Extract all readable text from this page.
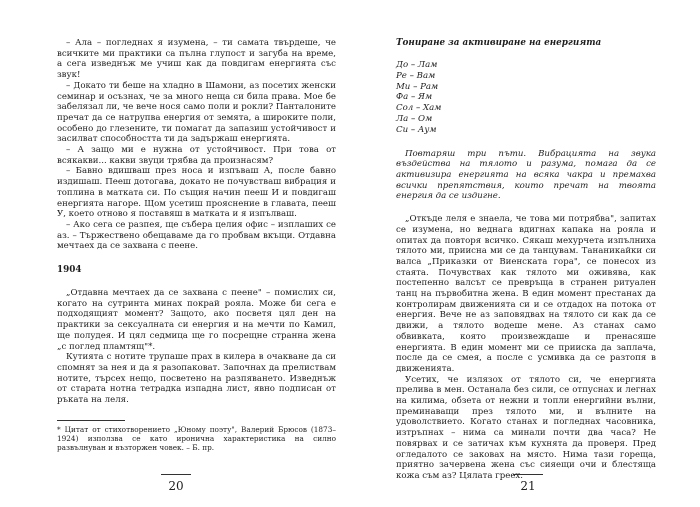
– Ала – погледнах я изумена, – ти самата твърдеше, че всичките ми практики са пълна глупост и загуба на време, а сега изведнъж ме учиш как да повдигам енергията със звук!

– Докато ти беше на хладно в Шамони, аз посетих женски семинар и осъзнах, че за много неща си била права. Мое бе забелязал ли, че вече нося само поли и рокли? Панталоните пречат да се натрупва енергия от земята, а широките поли, особено до глезените, ти помагат да запазиш устойчивост и засилват способността ти да задържаш енергията.

– А защо ми е нужна от устойчивост. При това от всякакви... какви звуци трябва да произнасям?

– Бавно вдишваш през носа и изпъваш А, после бавно издишаш. Пееш дотогава, докато не почувстваш вибрация и топлина в матката си. По същия начин пееш И и повдигаш енергията нагоре. Щом усетиш прояснение в главата, пееш У, което отново я поставяш в матката и я изпълваш.

– Ако сега се разпея, ще събера целия офис – изплаших се аз. – Тържествено обещаваме да го пробвам вкъщи. Отдавна мечтаех да се захвана с пеене.

1904

„Отдавна мечтаех да се захвана с пеене" – помислих си, когато на сутринта минах покрай рояла. Може би сега е подходящият момент? Защото, ако посветя цял ден на практики за сексуалната си енергия и на мечти по Камил, ще полудея. И цял седмица ще го посрещне странна жена „с поглед пламтящ"*.

Кутията с нотите трупаше прах в килера в очакване да си спомнят за нея и да я разопаковат. Започнах да прелиствам нотите, търсех нещо, посветено на разпяването. Изведнъж от старата нотна тетрадка изпадна лист, явно подписан от ръката на леля.

* Цитат от стихотворението „Юному поэту", Валерий Брюсов (1873–1924) използва се като иронична характеристика на силно развълнуван и възторжен човек. – Б. пр.

20

Тониране за активиране на енергията

До – Лам
Ре – Вам
Ми – Рам
Фа – Ям
Сол – Хам
Ла – Ом
Си – Аум

Повтаряш три пъти. Вибрацията на звука въздейства на тялото и разума, помага да се активизира енергията на всяка чакра и премахва всички препятствия, които пречат на твоята енергия да се издигне.

„Откъде леля е знаела, че това ми потрябва", запитах се изумена, но веднага вдигнах капака на рояла и опитах да повторя всичко. Сякаш мехурчета изпълниха тялото ми, приисна ми се да танцувам. Тананикайки си валса „Приказки от Виенската гора", се понесох из стаята. Почувствах как тялото ми оживява, как постепенно валсът се превръща в странен ритуален танц на първобитна жена. В един момент престанах да контролирам движенията си и се отдадох на потока от енергия. Вече не аз заповядвах на тялото си как да се движи, а тялото водеше мене. Аз станах само обвивката, която произвеждаше и пренасяше енергията. В един момент ми се прииска да заплача, после да се смея, а после с усмивка да се разтопя в движенията.

Усетих, че излязох от тялото си, че енергията прелива в мен. Останала без сили, се отпуснах и легнах на килима, обзета от нежни и топли енергийни вълни, преминаващи през тялото ми, и вълните на удоволствието. Когато станах и погледнах часовника, изтръпнах – нима са минали почти два часа? Не повярвах и се затичах към кухнята да проверя. Пред огледалото се заковах на място. Нима тази гореща, приятно зачервена жена със сияещи очи и блестяща кожа съм аз? Цялата греех.

21
